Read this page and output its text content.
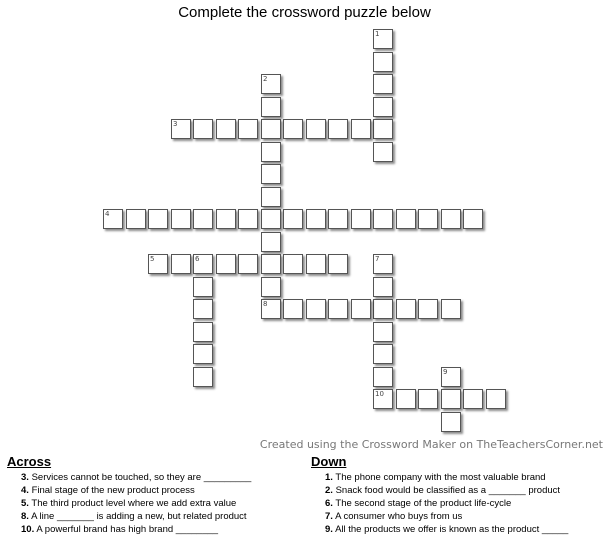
Complete the crossword puzzle below
1
2
3
4
5	6	7
10
8
9
Created using the Crossword Maker on TheTeachersCorner.net
Across
3. Services cannot be touched, so they are _________
4. Final stage of the new product process
5. The third product level where we add extra value
8. A line _______ is adding a new, but related product
10. A powerful brand has high brand ________
Down
1. The phone company with the most valuable brand
2. Snack food would be classified as a _______ product
6. The second stage of the product life-cycle
7. A consumer who buys from us
9. All the products we offer is known as the product _____
